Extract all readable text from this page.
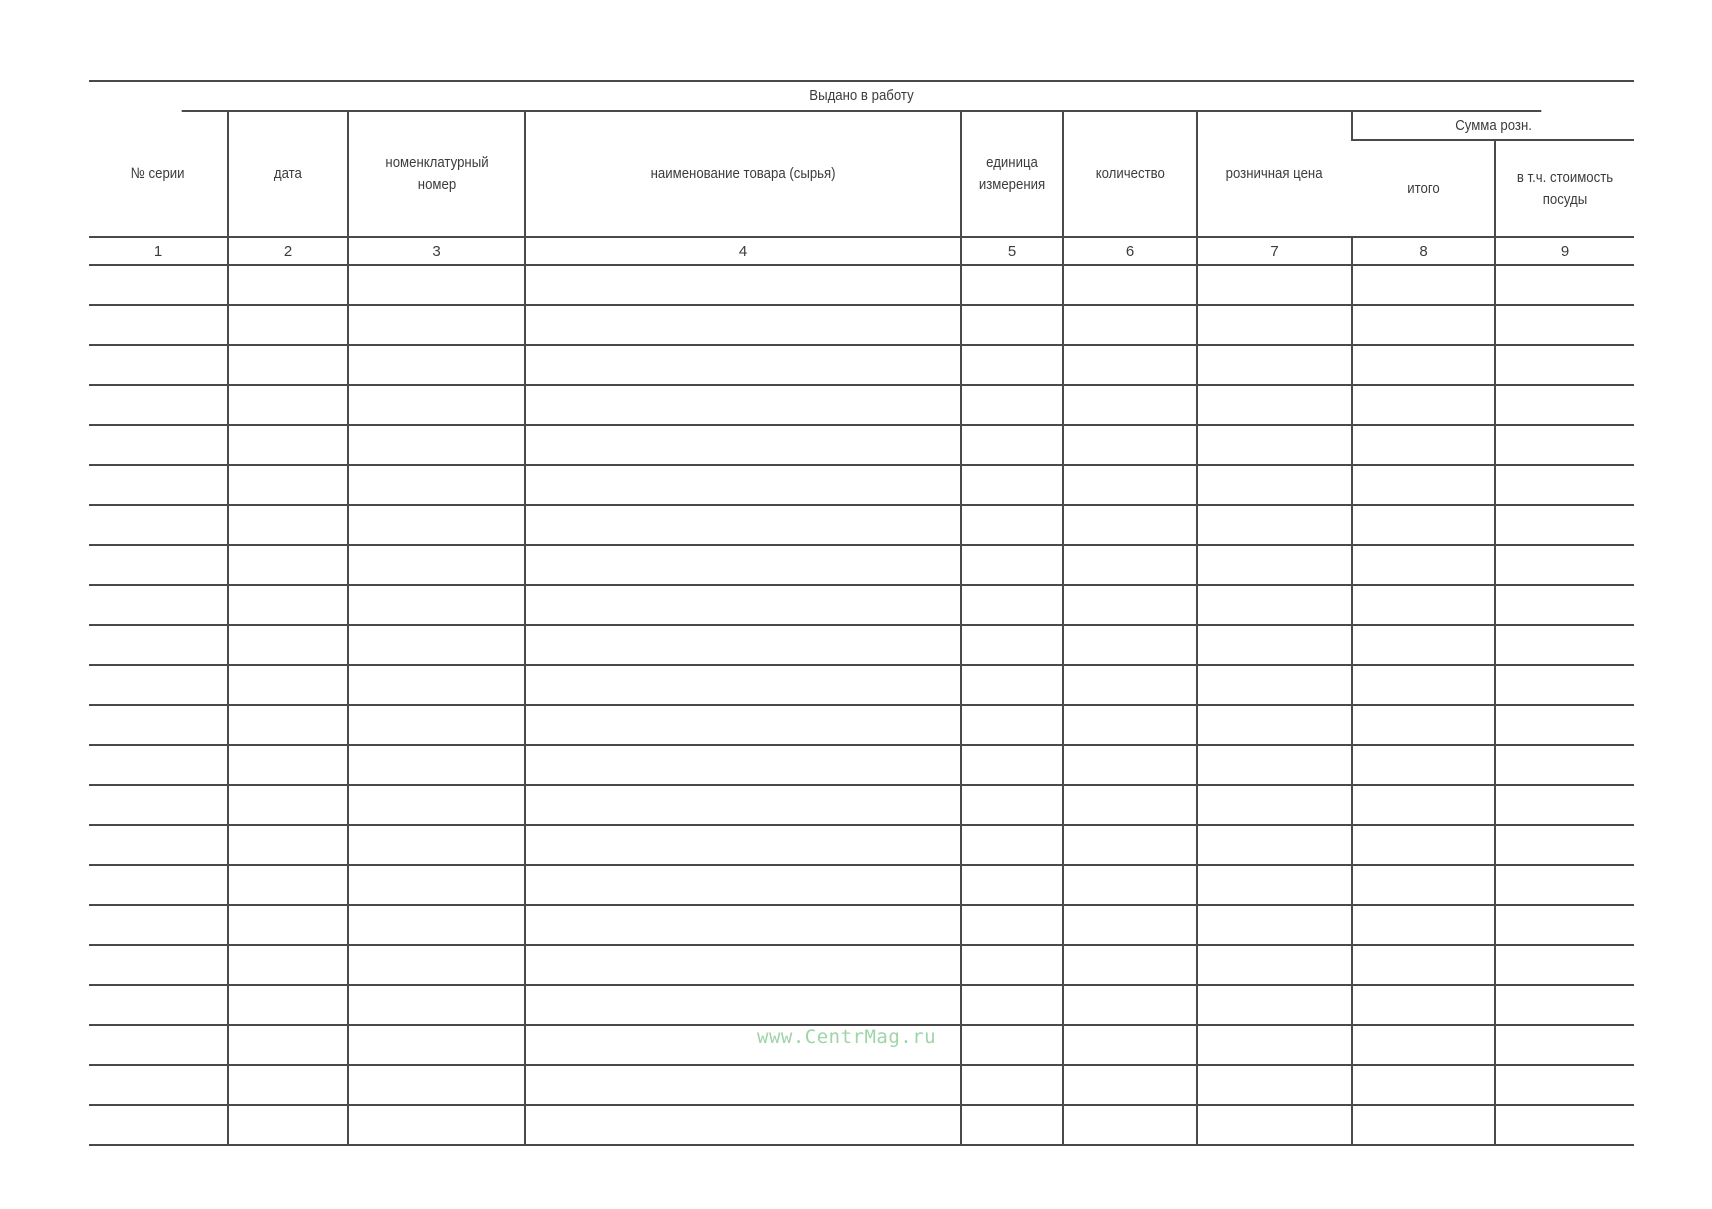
Выдано в работу
№ серии	дата	номенклатурный номер	наименование товара (сырья)	единица измерения	количество	розничная цена	Сумма розн.	
							итого	в т.ч. стоимость посуды
1	2	3	4	5	6	7	8	9

www.CentrMag.ru
